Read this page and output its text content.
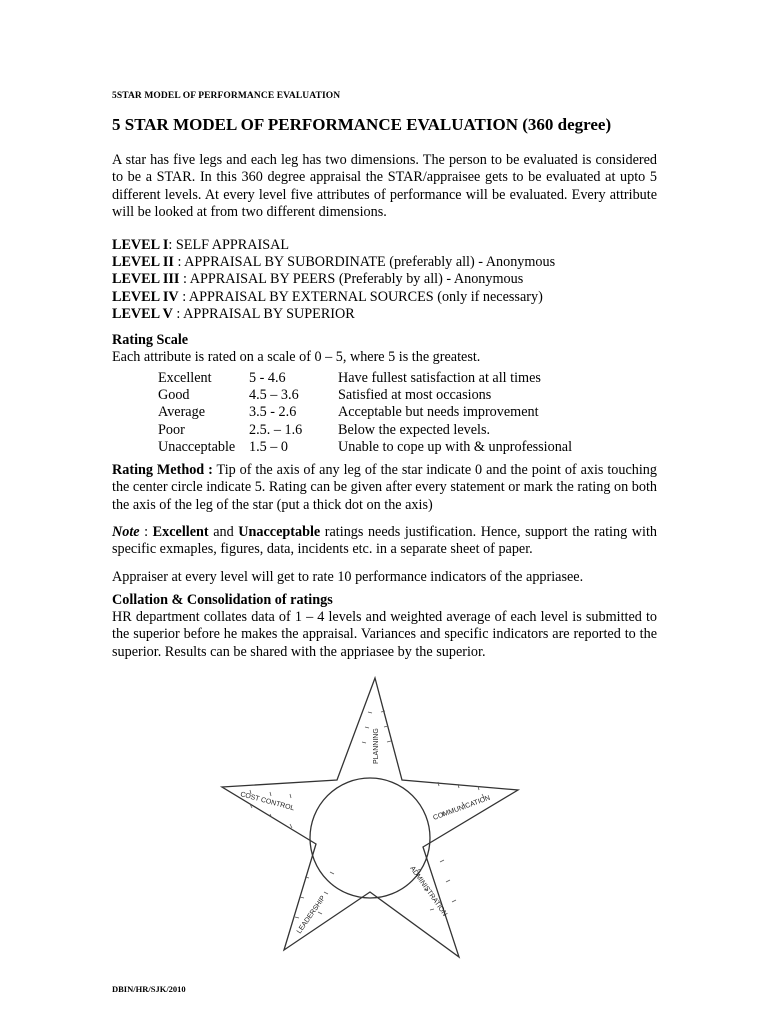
5STAR MODEL OF PERFORMANCE EVALUATION
5 STAR MODEL OF PERFORMANCE EVALUATION (360 degree)

A star has five legs and each leg has two dimensions. The person to be evaluated is considered to be a STAR. In this 360 degree appraisal the STAR/appraisee gets to be evaluated at upto 5 different levels. At every level five attributes of performance will be evaluated. Every attribute will be looked at from two different dimensions.

LEVEL I: SELF APPRAISAL
LEVEL II : APPRAISAL BY SUBORDINATE (preferably all) - Anonymous
LEVEL III : APPRAISAL BY PEERS (Preferably by all) - Anonymous
LEVEL IV : APPRAISAL BY EXTERNAL SOURCES (only if necessary)
LEVEL V : APPRAISAL BY SUPERIOR
Rating Scale

Each attribute is rated on a scale of 0 – 5, where 5 is the greatest.

Excellent	5 - 4.6	Have fullest satisfaction at all times
Good	4.5 – 3.6	Satisfied at most occasions
Average	3.5 - 2.6	Acceptable but needs improvement
Poor	2.5. – 1.6	Below the expected levels.
Unacceptable	1.5 – 0	Unable to cope up with & unprofessional

Rating Method : Tip of the axis of any leg of the star indicate 0 and the point of axis touching the center circle indicate 5. Rating can be given after every statement or mark the rating on both the axis of the leg of the star (put a thick dot on the axis)

Note : Excellent and Unacceptable ratings needs justification. Hence, support the rating with specific exmaples, figures, data, incidents etc. in a separate sheet of paper.

Appraiser at every level will get to rate 10 performance indicators of the appriasee.

Collation & Consolidation of ratings

HR department collates data of 1 – 4 levels and weighted average of each level is submitted to the superior before he makes the appraisal. Variances and specific indicators are reported to the superior. Results can be shared with the appriasee by the superior.

PLANNING
COMMUNICATION
ADMINISTRATION
LEADERSHIP
COST CONTROL
DBIN/HR/SJK/2010
